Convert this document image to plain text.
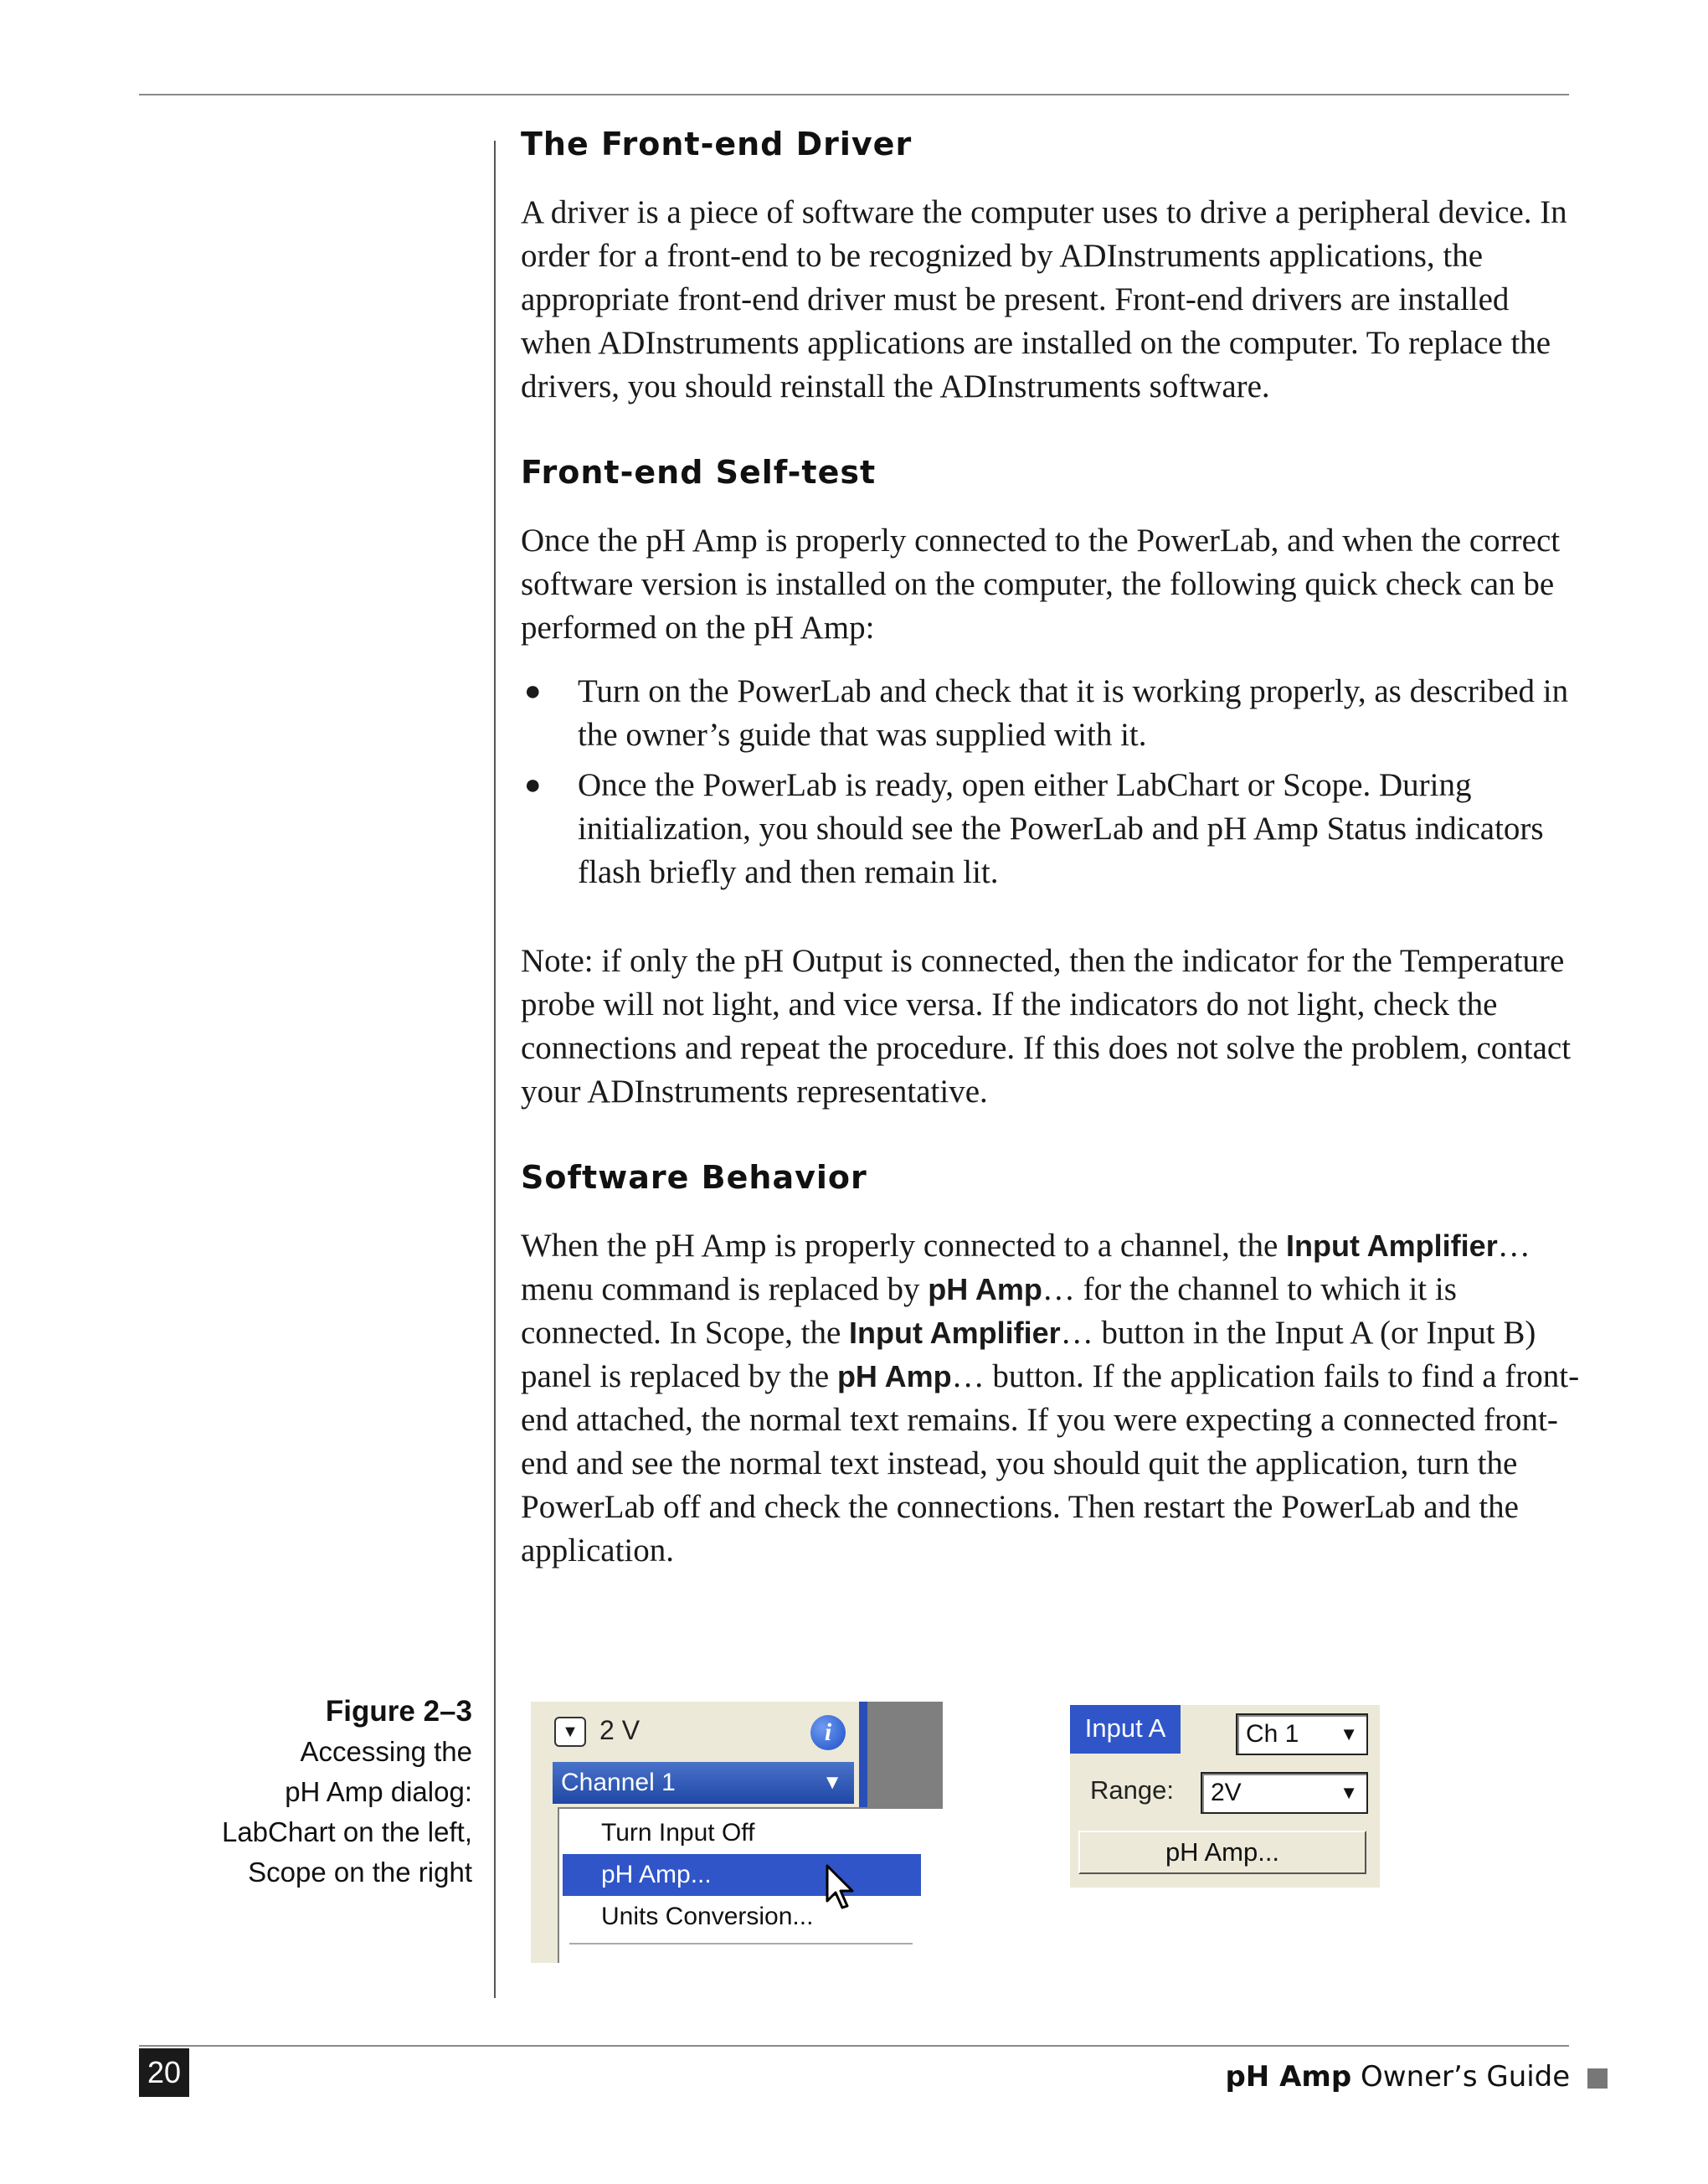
The Front-end Driver

A driver is a piece of software the computer uses to drive a peripheral device. In order for a front-end to be recognized by ADInstruments applications, the appropriate front-end driver must be present. Front-end drivers are installed when ADInstruments applications are installed on the computer. To replace the drivers, you should reinstall the ADInstruments software.

Front-end Self-test

Once the pH Amp is properly connected to the PowerLab, and when the correct software version is installed on the computer, the following quick check can be performed on the pH Amp:

● Turn on the PowerLab and check that it is working properly, as described in the owner’s guide that was supplied with it.
● Once the PowerLab is ready, open either LabChart or Scope. During initialization, you should see the PowerLab and pH Amp Status indicators flash briefly and then remain lit.

Note: if only the pH Output is connected, then the indicator for the Temperature probe will not light, and vice versa. If the indicators do not light, check the connections and repeat the procedure. If this does not solve the problem, contact your ADInstruments representative.

Software Behavior

When the pH Amp is properly connected to a channel, the Input Amplifier… menu command is replaced by pH Amp… for the channel to which it is connected. In Scope, the Input Amplifier… button in the Input A (or Input B) panel is replaced by the pH Amp… button. If the application fails to find a front-end attached, the normal text remains. If you were expecting a connected front-end and see the normal text instead, you should quit the application, turn the PowerLab off and check the connections. Then restart the PowerLab and the application.

Figure 2–3
Accessing the
pH Amp dialog:
LabChart on the left,
Scope on the right
▼ 2 V	i
Channel 1	▼
Turn Input Off
pH Amp...
Units Conversion...
Input A	Ch 1 ▼
Range:	2V	▼
pH Amp...
20	pH Amp Owner’s Guide
